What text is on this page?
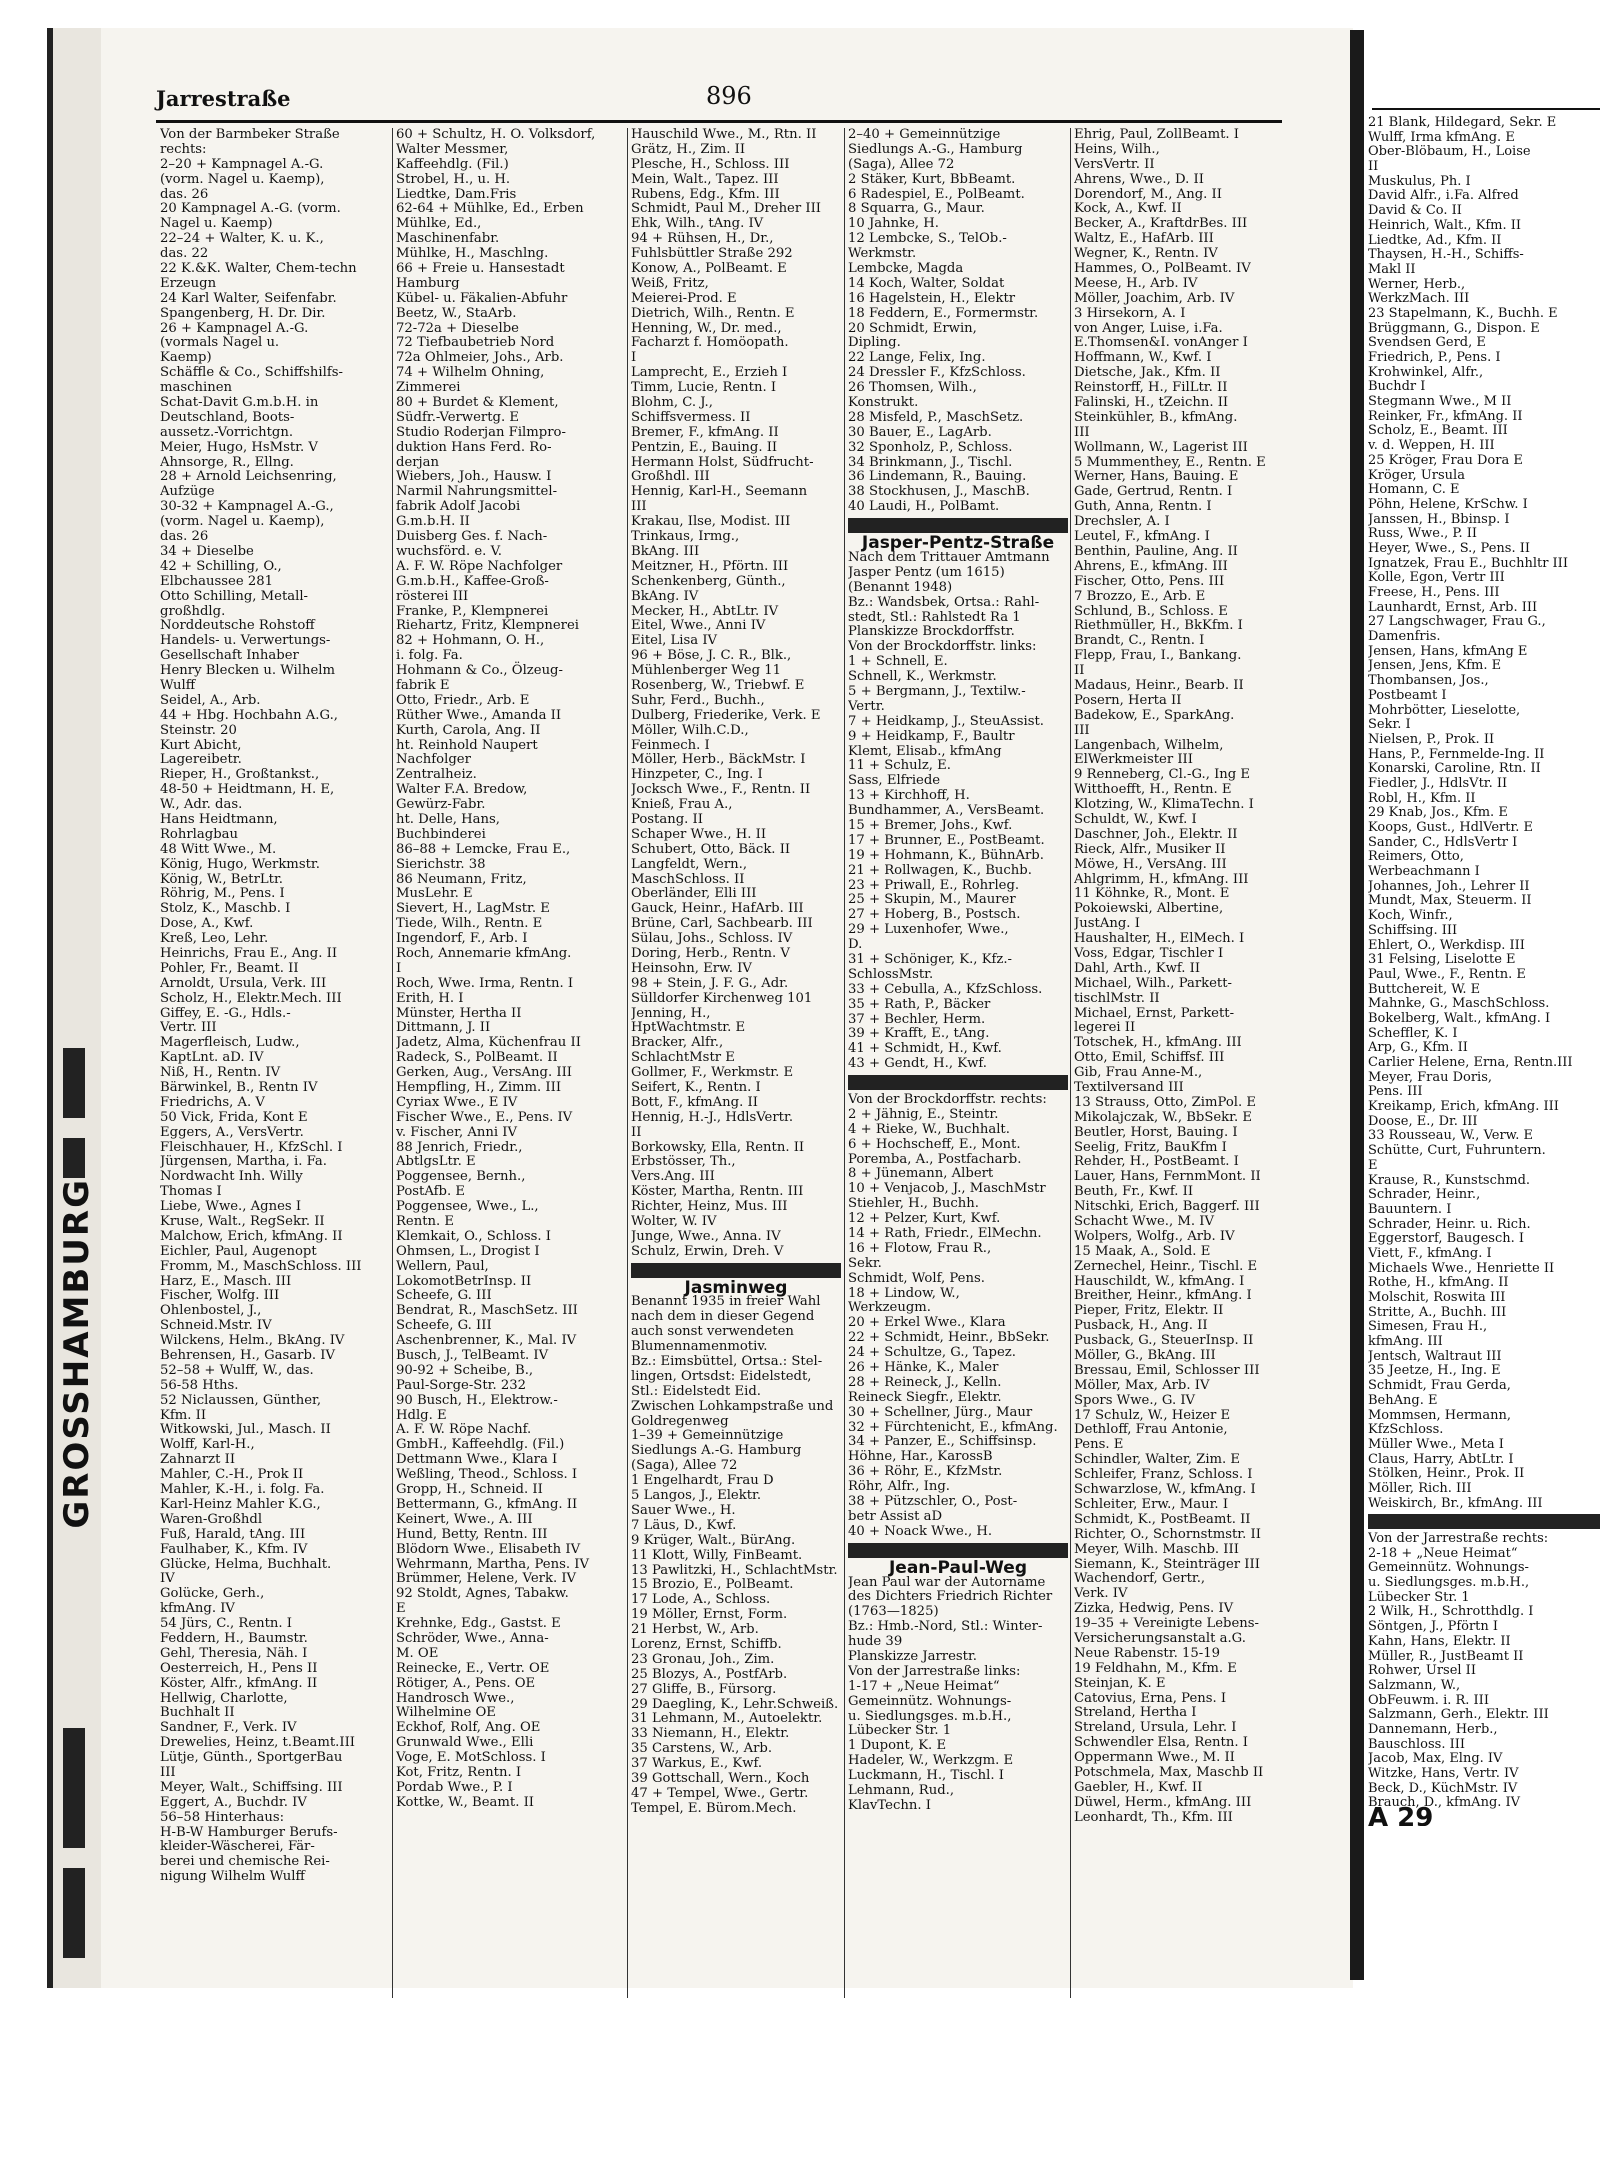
GROSSHAMBURG
Jarrestraße	896
Von der Barmbeker Straße
rechts:
2–20 + Kampnagel A.-G.
(vorm. Nagel u. Kaemp),
das. 26
20 Kampnagel A.-G. (vorm.
Nagel u. Kaemp)
22–24 + Walter, K. u. K.,
das. 22
22 K.&K. Walter, Chem-techn
Erzeugn
24 Karl Walter, Seifenfabr.
Spangenberg, H. Dr. Dir.
26 + Kampnagel A.-G.
(vormals Nagel u.
Kaemp)
Schäffle & Co., Schiffshilfs-
maschinen
Schat-Davit G.m.b.H. in
Deutschland, Boots-
aussetz.-Vorrichtgn.
Meier, Hugo, HsMstr. V
Ahnsorge, R., Ellng.
28 + Arnold Leichsenring,
Aufzüge
30-32 + Kampnagel A.-G.,
(vorm. Nagel u. Kaemp),
das. 26
34 + Dieselbe
42 + Schilling, O.,
Elbchaussee 281
Otto Schilling, Metall-
großhdlg.
Norddeutsche Rohstoff
Handels- u. Verwertungs-
Gesellschaft Inhaber
Henry Blecken u. Wilhelm
Wulff
Seidel, A., Arb.
44 + Hbg. Hochbahn A.G.,
Steinstr. 20
Kurt Abicht,
Lagereibetr.
Rieper, H., Großtankst.,
48-50 + Heidtmann, H. E,
W., Adr. das.
Hans Heidtmann,
Rohrlagbau
48 Witt Wwe., M.
König, Hugo, Werkmstr.
König, W., BetrLtr.
Röhrig, M., Pens. I
Stolz, K., Maschb. I
Dose, A., Kwf.
Kreß, Leo, Lehr.
Heinrichs, Frau E., Ang. II
Pohler, Fr., Beamt. II
Arnoldt, Ursula, Verk. III
Scholz, H., Elektr.Mech. III
Giffey, E. -G., Hdls.-
Vertr. III
Magerfleisch, Ludw.,
KaptLnt. aD. IV
Niß, H., Rentn. IV
Bärwinkel, B., Rentn IV
Friedrichs, A. V
50 Vick, Frida, Kont E
Eggers, A., VersVertr.
Fleischhauer, H., KfzSchl. I
Jürgensen, Martha, i. Fa.
Nordwacht Inh. Willy
Thomas I
Liebe, Wwe., Agnes I
Kruse, Walt., RegSekr. II
Malchow, Erich, kfmAng. II
Eichler, Paul, Augenopt
Fromm, M., MaschSchloss. III
Harz, E., Masch. III
Fischer, Wolfg. III
Ohlenbostel, J.,
Schneid.Mstr. IV
Wilckens, Helm., BkAng. IV
Behrensen, H., Gasarb. IV
52–58 + Wulff, W., das.
56-58 Hths.
52 Niclaussen, Günther,
Kfm. II
Witkowski, Jul., Masch. II
Wolff, Karl-H.,
Zahnarzt II
Mahler, C.-H., Prok II
Mahler, K.-H., i. folg. Fa.
Karl-Heinz Mahler K.G.,
Waren-Großhdl
Fuß, Harald, tAng. III
Faulhaber, K., Kfm. IV
Glücke, Helma, Buchhalt.
IV
Golücke, Gerh.,
kfmAng. IV
54 Jürs, C., Rentn. I
Feddern, H., Baumstr.
Gehl, Theresia, Näh. I
Oesterreich, H., Pens II
Köster, Alfr., kfmAng. II
Hellwig, Charlotte,
Buchhalt II
Sandner, F., Verk. IV
Drewelies, Heinz, t.Beamt.III
Lütje, Günth., SportgerBau
III
Meyer, Walt., Schiffsing. III
Eggert, A., Buchdr. IV
56–58 Hinterhaus:
H-B-W Hamburger Berufs-
kleider-Wäscherei, Fär-
berei und chemische Rei-
nigung Wilhelm Wulff
60 + Schultz, H. O. Volksdorf,
Walter Messmer,
Kaffeehdlg. (Fil.)
Strobel, H., u. H.
Liedtke, Dam.Fris
62-64 + Mühlke, Ed., Erben
Mühlke, Ed.,
Maschinenfabr.
Mühlke, H., Maschlng.
66 + Freie u. Hansestadt
Hamburg
Kübel- u. Fäkalien-Abfuhr
Beetz, W., StaArb.
72-72a + Dieselbe
72 Tiefbaubetrieb Nord
72a Ohlmeier, Johs., Arb.
74 + Wilhelm Ohning,
Zimmerei
80 + Burdet & Klement,
Südfr.-Verwertg. E
Studio Roderjan Filmpro-
duktion Hans Ferd. Ro-
derjan
Wiebers, Joh., Hausw. I
Narmil Nahrungsmittel-
fabrik Adolf Jacobi
G.m.b.H. II
Duisberg Ges. f. Nach-
wuchsförd. e. V.
A. F. W. Röpe Nachfolger
G.m.b.H., Kaffee-Groß-
rösterei III
Franke, P., Klempnerei
Riehartz, Fritz, Klempnerei
82 + Hohmann, O. H.,
i. folg. Fa.
Hohmann & Co., Ölzeug-
fabrik E
Otto, Friedr., Arb. E
Rüther Wwe., Amanda II
Kurth, Carola, Ang. II
ht. Reinhold Naupert
Nachfolger
Zentralheiz.
Walter F.A. Bredow,
Gewürz-Fabr.
ht. Delle, Hans,
Buchbinderei
86–88 + Lemcke, Frau E.,
Sierichstr. 38
86 Neumann, Fritz,
MusLehr. E
Sievert, H., LagMstr. E
Tiede, Wilh., Rentn. E
Ingendorf, F., Arb. I
Roch, Annemarie kfmAng.
I
Roch, Wwe. Irma, Rentn. I
Erith, H. I
Münster, Hertha II
Dittmann, J. II
Jadetz, Alma, Küchenfrau II
Radeck, S., PolBeamt. II
Gerken, Aug., VersAng. III
Hempfling, H., Zimm. III
Cyriax Wwe., E IV
Fischer Wwe., E., Pens. IV
v. Fischer, Anni IV
88 Jenrich, Friedr.,
AbtlgsLtr. E
Poggensee, Bernh.,
PostAfb. E
Poggensee, Wwe., L.,
Rentn. E
Klemkait, O., Schloss. I
Ohmsen, L., Drogist I
Wellern, Paul,
LokomotBetrInsp. II
Scheefe, G. III
Bendrat, R., MaschSetz. III
Scheefe, G. III
Aschenbrenner, K., Mal. IV
Busch, J., TelBeamt. IV
90-92 + Scheibe, B.,
Paul-Sorge-Str. 232
90 Busch, H., Elektrow.-
Hdlg. E
A. F. W. Röpe Nachf.
GmbH., Kaffeehdlg. (Fil.)
Dettmann Wwe., Klara I
Weßling, Theod., Schloss. I
Gropp, H., Schneid. II
Bettermann, G., kfmAng. II
Keinert, Wwe., A. III
Hund, Betty, Rentn. III
Blödorn Wwe., Elisabeth IV
Wehrmann, Martha, Pens. IV
Brümmer, Helene, Verk. IV
92 Stoldt, Agnes, Tabakw.
E
Krehnke, Edg., Gastst. E
Schröder, Wwe., Anna-
M. OE
Reinecke, E., Vertr. OE
Rötiger, A., Pens. OE
Handrosch Wwe.,
Wilhelmine OE
Eckhof, Rolf, Ang. OE
Grunwald Wwe., Elli
Voge, E. MotSchloss. I
Kot, Fritz, Rentn. I
Pordab Wwe., P. I
Kottke, W., Beamt. II
Hauschild Wwe., M., Rtn. II
Grätz, H., Zim. II
Plesche, H., Schloss. III
Mein, Walt., Tapez. III
Rubens, Edg., Kfm. III
Schmidt, Paul M., Dreher III
Ehk, Wilh., tAng. IV
94 + Rühsen, H., Dr.,
Fuhlsbüttler Straße 292
Konow, A., PolBeamt. E
Weiß, Fritz,
Meierei-Prod. E
Dietrich, Wilh., Rentn. E
Henning, W., Dr. med.,
Facharzt f. Homöopath.
I
Lamprecht, E., Erzieh I
Timm, Lucie, Rentn. I
Blohm, C. J.,
Schiffsvermess. II
Bremer, F., kfmAng. II
Pentzin, E., Bauing. II
Hermann Holst, Südfrucht-
Großhdl. III
Hennig, Karl-H., Seemann
III
Krakau, Ilse, Modist. III
Trinkaus, Irmg.,
BkAng. III
Meitzner, H., Pförtn. III
Schenkenberg, Günth.,
BkAng. IV
Mecker, H., AbtLtr. IV
Eitel, Wwe., Anni IV
Eitel, Lisa IV
96 + Böse, J. C. R., Blk.,
Mühlenberger Weg 11
Rosenberg, W., Triebwf. E
Suhr, Ferd., Buchh.,
Dulberg, Friederike, Verk. E
Möller, Wilh.C.D.,
Feinmech. I
Möller, Herb., BäckMstr. I
Hinzpeter, C., Ing. I
Jocksch Wwe., F., Rentn. II
Knieß, Frau A.,
Postang. II
Schaper Wwe., H. II
Schubert, Otto, Bäck. II
Langfeldt, Wern.,
MaschSchloss. II
Oberländer, Elli III
Gauck, Heinr., HafArb. III
Brüne, Carl, Sachbearb. III
Sülau, Johs., Schloss. IV
Doring, Herb., Rentn. V
Heinsohn, Erw. IV
98 + Stein, J. F. G., Adr.
Sülldorfer Kirchenweg 101
Jenning, H.,
HptWachtmstr. E
Bracker, Alfr.,
SchlachtMstr E
Gollmer, F., Werkmstr. E
Seifert, K., Rentn. I
Bott, F., kfmAng. II
Hennig, H.-J., HdlsVertr.
II
Borkowsky, Ella, Rentn. II
Erbstösser, Th.,
Vers.Ang. III
Köster, Martha, Rentn. III
Richter, Heinz, Mus. III
Wolter, W. IV
Junge, Wwe., Anna. IV
Schulz, Erwin, Dreh. V
Jasminweg
Benannt 1935 in freier Wahl
nach dem in dieser Gegend
auch sonst verwendeten
Blumennamenmotiv.
Bz.: Eimsbüttel, Ortsa.: Stel-
lingen, Ortsdst: Eidelstedt,
Stl.: Eidelstedt Eid.
Zwischen Lohkampstraße und
Goldregenweg
1–39 + Gemeinnützige
Siedlungs A.-G. Hamburg
(Saga), Allee 72
1 Engelhardt, Frau D
5 Langos, J., Elektr.
Sauer Wwe., H.
7 Läus, D., Kwf.
9 Krüger, Walt., BürAng.
11 Klott, Willy, FinBeamt.
13 Pawlitzki, H., SchlachtMstr.
15 Brozio, E., PolBeamt.
17 Lode, A., Schloss.
19 Möller, Ernst, Form.
21 Herbst, W., Arb.
Lorenz, Ernst, Schiffb.
23 Gronau, Joh., Zim.
25 Blozys, A., PostfArb.
27 Gliffe, B., Fürsorg.
29 Daegling, K., Lehr.Schweiß.
31 Lehmann, M., Autoelektr.
33 Niemann, H., Elektr.
35 Carstens, W., Arb.
37 Warkus, E., Kwf.
39 Gottschall, Wern., Koch
47 + Tempel, Wwe., Gertr.
Tempel, E. Bürom.Mech.
2–40 + Gemeinnützige
Siedlungs A.-G., Hamburg
(Saga), Allee 72
2 Stäker, Kurt, BbBeamt.
6 Radespiel, E., PolBeamt.
8 Squarra, G., Maur.
10 Jahnke, H.
12 Lembcke, S., TelOb.-
Werkmstr.
Lembcke, Magda
14 Koch, Walter, Soldat
16 Hagelstein, H., Elektr
18 Feddern, E., Formermstr.
20 Schmidt, Erwin,
Dipling.
22 Lange, Felix, Ing.
24 Dressler F., KfzSchloss.
26 Thomsen, Wilh.,
Konstrukt.
28 Misfeld, P., MaschSetz.
30 Bauer, E., LagArb.
32 Sponholz, P., Schloss.
34 Brinkmann, J., Tischl.
36 Lindemann, R., Bauing.
38 Stockhusen, J., MaschB.
40 Laudi, H., PolBamt.
Jasper-Pentz-Straße
Nach dem Trittauer Amtmann
Jasper Pentz (um 1615)
(Benannt 1948)
Bz.: Wandsbek, Ortsa.: Rahl-
stedt, Stl.: Rahlstedt Ra 1
Planskizze Brockdorffstr.
Von der Brockdorffstr. links:
1 + Schnell, E.
Schnell, K., Werkmstr.
5 + Bergmann, J., Textilw.-
Vertr.
7 + Heidkamp, J., SteuAssist.
9 + Heidkamp, F., Baultr
Klemt, Elisab., kfmAng
11 + Schulz, E.
Sass, Elfriede
13 + Kirchhoff, H.
Bundhammer, A., VersBeamt.
15 + Bremer, Johs., Kwf.
17 + Brunner, E., PostBeamt.
19 + Hohmann, K., BühnArb.
21 + Rollwagen, K., Buchb.
23 + Priwall, E., Rohrleg.
25 + Skupin, M., Maurer
27 + Hoberg, B., Postsch.
29 + Luxenhofer, Wwe.,
D.
31 + Schöniger, K., Kfz.-
SchlossMstr.
33 + Cebulla, A., KfzSchloss.
35 + Rath, P., Bäcker
37 + Bechler, Herm.
39 + Krafft, E., tAng.
41 + Schmidt, H., Kwf.
43 + Gendt, H., Kwf.
Von der Brockdorffstr. rechts:
2 + Jähnig, E., Steintr.
4 + Rieke, W., Buchhalt.
6 + Hochscheff, E., Mont.
Poremba, A., Postfacharb.
8 + Jünemann, Albert
10 + Venjacob, J., MaschMstr
Stiehler, H., Buchh.
12 + Pelzer, Kurt, Kwf.
14 + Rath, Friedr., ElMechn.
16 + Flotow, Frau R.,
Sekr.
Schmidt, Wolf, Pens.
18 + Lindow, W.,
Werkzeugm.
20 + Erkel Wwe., Klara
22 + Schmidt, Heinr., BbSekr.
24 + Schultze, G., Tapez.
26 + Hänke, K., Maler
28 + Reineck, J., Kelln.
Reineck Siegfr., Elektr.
30 + Schellner, Jürg., Maur
32 + Fürchtenicht, E., kfmAng.
34 + Panzer, E., Schiffsinsp.
Höhne, Har., KarossB
36 + Röhr, E., KfzMstr.
Röhr, Alfr., Ing.
38 + Pützschler, O., Post-
betr Assist aD
40 + Noack Wwe., H.
Jean-Paul-Weg
Jean Paul war der Autorname
des Dichters Friedrich Richter
(1763—1825)
Bz.: Hmb.-Nord, Stl.: Winter-
hude 39
Planskizze Jarrestr.
Von der Jarrestraße links:
1-17 + „Neue Heimat“
Gemeinnütz. Wohnungs-
u. Siedlungsges. m.b.H.,
Lübecker Str. 1
1 Dupont, K. E
Hadeler, W., Werkzgm. E
Luckmann, H., Tischl. I
Lehmann, Rud.,
KlavTechn. I
Ehrig, Paul, ZollBeamt. I
Heins, Wilh.,
VersVertr. II
Ahrens, Wwe., D. II
Dorendorf, M., Ang. II
Kock, A., Kwf. II
Becker, A., KraftdrBes. III
Waltz, E., HafArb. III
Wegner, K., Rentn. IV
Hammes, O., PolBeamt. IV
Meese, H., Arb. IV
Möller, Joachim, Arb. IV
3 Hirsekorn, A. I
von Anger, Luise, i.Fa.
E.Thomsen&I. vonAnger I
Hoffmann, W., Kwf. I
Dietsche, Jak., Kfm. II
Reinstorff, H., FilLtr. II
Falinski, H., tZeichn. II
Steinkühler, B., kfmAng.
III
Wollmann, W., Lagerist III
5 Mummenthey, E., Rentn. E
Werner, Hans, Bauing. E
Gade, Gertrud, Rentn. I
Guth, Anna, Rentn. I
Drechsler, A. I
Leutel, F., kfmAng. I
Benthin, Pauline, Ang. II
Ahrens, E., kfmAng. III
Fischer, Otto, Pens. III
7 Brozzo, E., Arb. E
Schlund, B., Schloss. E
Riethmüller, H., BkKfm. I
Brandt, C., Rentn. I
Flepp, Frau, I., Bankang.
II
Madaus, Heinr., Bearb. II
Posern, Herta II
Badekow, E., SparkAng.
III
Langenbach, Wilhelm,
ElWerkmeister III
9 Renneberg, Cl.-G., Ing E
Witthoefft, H., Rentn. E
Klotzing, W., KlimaTechn. I
Schuldt, W., Kwf. I
Daschner, Joh., Elektr. II
Rieck, Alfr., Musiker II
Möwe, H., VersAng. III
Ahlgrimm, H., kfmAng. III
11 Köhnke, R., Mont. E
Pokoiewski, Albertine,
JustAng. I
Haushalter, H., ElMech. I
Voss, Edgar, Tischler I
Dahl, Arth., Kwf. II
Michael, Wilh., Parkett-
tischlMstr. II
Michael, Ernst, Parkett-
legerei II
Totschek, H., kfmAng. III
Otto, Emil, Schiffsf. III
Gib, Frau Anne-M.,
Textilversand III
13 Strauss, Otto, ZimPol. E
Mikolajczak, W., BbSekr. E
Beutler, Horst, Bauing. I
Seelig, Fritz, BauKfm I
Rehder, H., PostBeamt. I
Lauer, Hans, FernmMont. II
Beuth, Fr., Kwf. II
Nitschki, Erich, Baggerf. III
Schacht Wwe., M. IV
Wolpers, Wolfg., Arb. IV
15 Maak, A., Sold. E
Zernechel, Heinr., Tischl. E
Hauschildt, W., kfmAng. I
Breither, Heinr., kfmAng. I
Pieper, Fritz, Elektr. II
Pusback, H., Ang. II
Pusback, G., SteuerInsp. II
Möller, G., BkAng. III
Bressau, Emil, Schlosser III
Möller, Max, Arb. IV
Spors Wwe., G. IV
17 Schulz, W., Heizer E
Dethloff, Frau Antonie,
Pens. E
Schindler, Walter, Zim. E
Schleifer, Franz, Schloss. I
Schwarzlose, W., kfmAng. I
Schleiter, Erw., Maur. I
Schmidt, K., PostBeamt. II
Richter, O., Schornstmstr. II
Meyer, Wilh. Maschb. III
Siemann, K., Steinträger III
Wachendorf, Gertr.,
Verk. IV
Zizka, Hedwig, Pens. IV
19–35 + Vereinigte Lebens-
Versicherungsanstalt a.G.
Neue Rabenstr. 15-19
19 Feldhahn, M., Kfm. E
Steinjan, K. E
Catovius, Erna, Pens. I
Streland, Hertha I
Streland, Ursula, Lehr. I
Schwendler Elsa, Rentn. I
Oppermann Wwe., M. II
Potschmela, Max, Maschb II
Gaebler, H., Kwf. II
Düwel, Herm., kfmAng. III
Leonhardt, Th., Kfm. III
21 Blank, Hildegard, Sekr. E
Wulff, Irma kfmAng. E
Ober-Blöbaum, H., Loise
II
Muskulus, Ph. I
David Alfr., i.Fa. Alfred
David & Co. II
Heinrich, Walt., Kfm. II
Liedtke, Ad., Kfm. II
Thaysen, H.-H., Schiffs-
Makl II
Werner, Herb.,
WerkzMach. III
23 Stapelmann, K., Buchh. E
Brüggmann, G., Dispon. E
Svendsen Gerd, E
Friedrich, P., Pens. I
Krohwinkel, Alfr.,
Buchdr I
Stegmann Wwe., M II
Reinker, Fr., kfmAng. II
Scholz, E., Beamt. III
v. d. Weppen, H. III
25 Kröger, Frau Dora E
Kröger, Ursula
Homann, C. E
Pöhn, Helene, KrSchw. I
Janssen, H., Bbinsp. I
Russ, Wwe., P. II
Heyer, Wwe., S., Pens. II
Ignatzek, Frau E., Buchhltr III
Kolle, Egon, Vertr III
Freese, H., Pens. III
Launhardt, Ernst, Arb. III
27 Langschwager, Frau G.,
Damenfris.
Jensen, Hans, kfmAng E
Jensen, Jens, Kfm. E
Thombansen, Jos.,
Postbeamt I
Mohrbötter, Lieselotte,
Sekr. I
Nielsen, P., Prok. II
Hans, P., Fernmelde-Ing. II
Konarski, Caroline, Rtn. II
Fiedler, J., HdlsVtr. II
Robl, H., Kfm. II
29 Knab, Jos., Kfm. E
Koops, Gust., HdlVertr. E
Sander, C., HdlsVertr I
Reimers, Otto,
Werbeachmann I
Johannes, Joh., Lehrer II
Mundt, Max, Steuerm. II
Koch, Winfr.,
Schiffsing. III
Ehlert, O., Werkdisp. III
31 Felsing, Liselotte E
Paul, Wwe., F., Rentn. E
Buttchereit, W. E
Mahnke, G., MaschSchloss.
Bokelberg, Walt., kfmAng. I
Scheffler, K. I
Arp, G., Kfm. II
Carlier Helene, Erna, Rentn.III
Meyer, Frau Doris,
Pens. III
Kreikamp, Erich, kfmAng. III
Doose, E., Dr. III
33 Rousseau, W., Verw. E
Schütte, Curt, Fuhruntern.
E
Krause, R., Kunstschmd.
Schrader, Heinr.,
Bauuntern. I
Schrader, Heinr. u. Rich.
Eggerstorf, Baugesch. I
Viett, F., kfmAng. I
Michaels Wwe., Henriette II
Rothe, H., kfmAng. II
Molschit, Roswita III
Stritte, A., Buchh. III
Simesen, Frau H.,
kfmAng. III
Jentsch, Waltraut III
35 Jeetze, H., Ing. E
Schmidt, Frau Gerda,
BehAng. E
Mommsen, Hermann,
KfzSchloss.
Müller Wwe., Meta I
Claus, Harry, AbtLtr. I
Stölken, Heinr., Prok. II
Möller, Rich. III
Weiskirch, Br., kfmAng. III
Von der Jarrestraße rechts:
2-18 + „Neue Heimat“
Gemeinnütz. Wohnungs-
u. Siedlungsges. m.b.H.,
Lübecker Str. 1
2 Wilk, H., Schrotthdlg. I
Söntgen, J., Pförtn I
Kahn, Hans, Elektr. II
Müller, R., JustBeamt II
Rohwer, Ursel II
Salzmann, W.,
ObFeuwm. i. R. III
Salzmann, Gerh., Elektr. III
Dannemann, Herb.,
Bauschloss. III
Jacob, Max, Elng. IV
Witzke, Hans, Vertr. IV
Beck, D., KüchMstr. IV
Brauch, D., kfmAng. IV
A 29
